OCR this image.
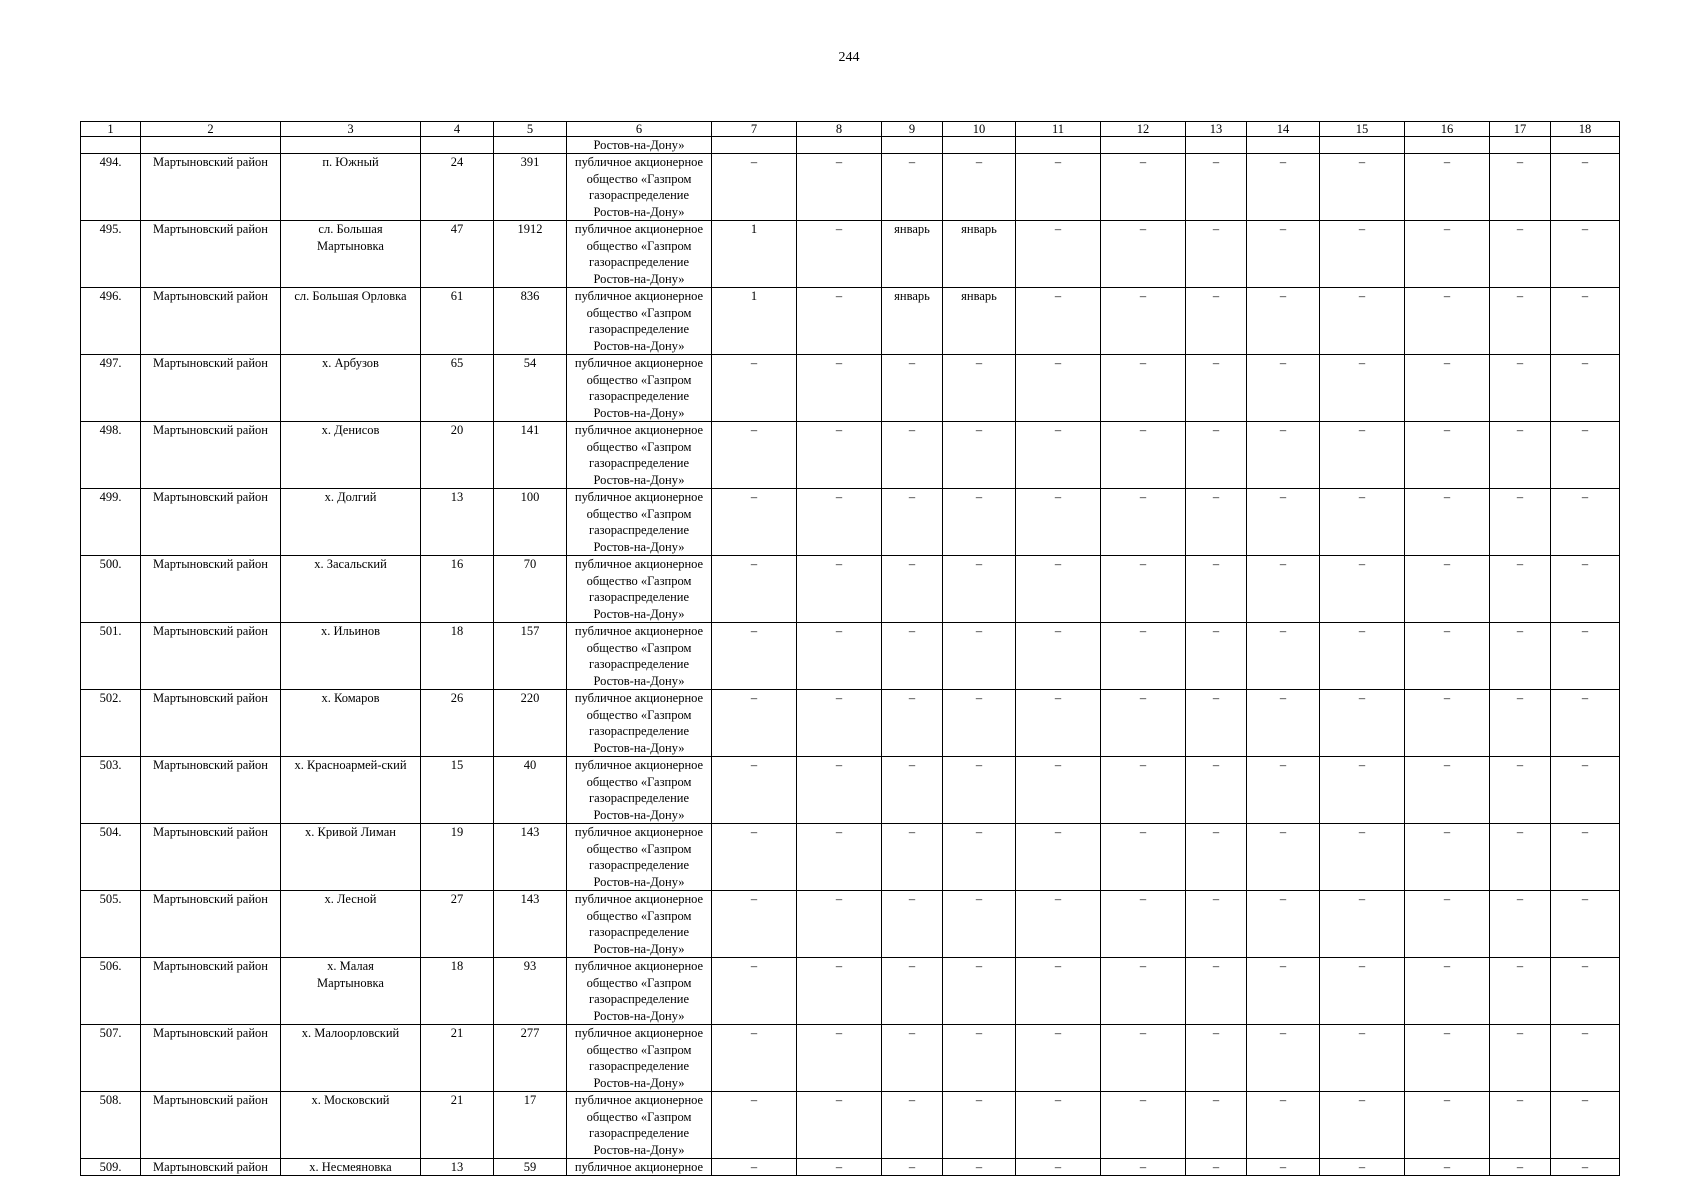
244
1	2	3	4	5	6	7	8	9	10	11	12	13	14	15	16	17	18
					Ростов-на-Дону»												
494.	Мартыновский район	п. Южный	24	391	публичное акционерное
общество «Газпром
газораспределение
Ростов-на-Дону»	–	–	–	–	–	–	–	–	–	–	–	–
495.	Мартыновский район	сл. Большая
Мартыновка	47	1912	публичное акционерное
общество «Газпром
газораспределение
Ростов-на-Дону»	1	–	январь	январь	–	–	–	–	–	–	–	–
496.	Мартыновский район	сл. Большая Орловка	61	836	публичное акционерное
общество «Газпром
газораспределение
Ростов-на-Дону»	1	–	январь	январь	–	–	–	–	–	–	–	–
497.	Мартыновский район	х. Арбузов	65	54	публичное акционерное
общество «Газпром
газораспределение
Ростов-на-Дону»	–	–	–	–	–	–	–	–	–	–	–	–
498.	Мартыновский район	х. Денисов	20	141	публичное акционерное
общество «Газпром
газораспределение
Ростов-на-Дону»	–	–	–	–	–	–	–	–	–	–	–	–
499.	Мартыновский район	х. Долгий	13	100	публичное акционерное
общество «Газпром
газораспределение
Ростов-на-Дону»	–	–	–	–	–	–	–	–	–	–	–	–
500.	Мартыновский район	х. Засальский	16	70	публичное акционерное
общество «Газпром
газораспределение
Ростов-на-Дону»	–	–	–	–	–	–	–	–	–	–	–	–
501.	Мартыновский район	х. Ильинов	18	157	публичное акционерное
общество «Газпром
газораспределение
Ростов-на-Дону»	–	–	–	–	–	–	–	–	–	–	–	–
502.	Мартыновский район	х. Комаров	26	220	публичное акционерное
общество «Газпром
газораспределение
Ростов-на-Дону»	–	–	–	–	–	–	–	–	–	–	–	–
503.	Мартыновский район	х. Красноармей-ский	15	40	публичное акционерное
общество «Газпром
газораспределение
Ростов-на-Дону»	–	–	–	–	–	–	–	–	–	–	–	–
504.	Мартыновский район	х. Кривой Лиман	19	143	публичное акционерное
общество «Газпром
газораспределение
Ростов-на-Дону»	–	–	–	–	–	–	–	–	–	–	–	–
505.	Мартыновский район	х. Лесной	27	143	публичное акционерное
общество «Газпром
газораспределение
Ростов-на-Дону»	–	–	–	–	–	–	–	–	–	–	–	–
506.	Мартыновский район	х. Малая
Мартыновка	18	93	публичное акционерное
общество «Газпром
газораспределение
Ростов-на-Дону»	–	–	–	–	–	–	–	–	–	–	–	–
507.	Мартыновский район	х. Малоорловский	21	277	публичное акционерное
общество «Газпром
газораспределение
Ростов-на-Дону»	–	–	–	–	–	–	–	–	–	–	–	–
508.	Мартыновский район	х. Московский	21	17	публичное акционерное
общество «Газпром
газораспределение
Ростов-на-Дону»	–	–	–	–	–	–	–	–	–	–	–	–
509.	Мартыновский район	х. Несмеяновка	13	59	публичное акционерное	–	–	–	–	–	–	–	–	–	–	–	–
